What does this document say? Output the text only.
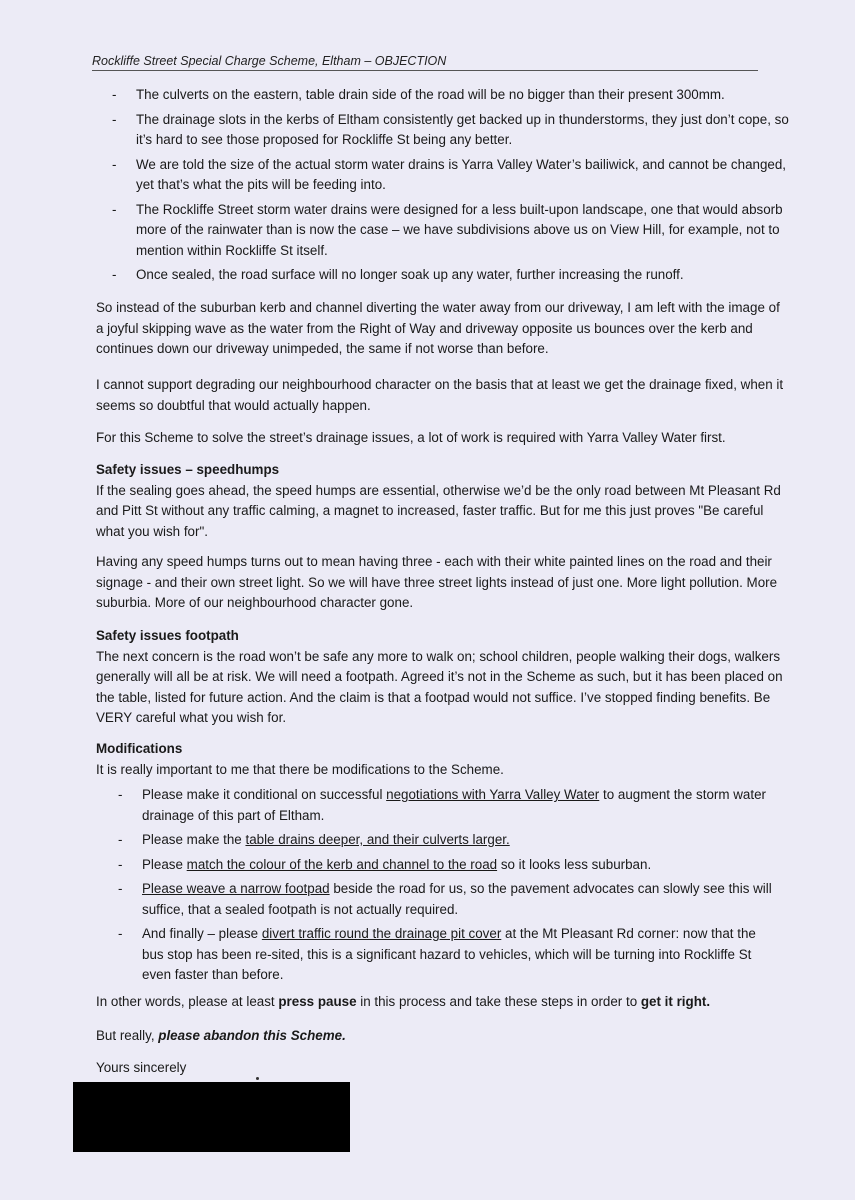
Rockliffe Street Special Charge Scheme, Eltham – OBJECTION
- The culverts on the eastern, table drain side of the road will be no bigger than their present 300mm.
- The drainage slots in the kerbs of Eltham consistently get backed up in thunderstorms, they just don’t cope, so it’s hard to see those proposed for Rockliffe St being any better.
- We are told the size of the actual storm water drains is Yarra Valley Water’s bailiwick, and cannot be changed, yet that’s what the pits will be feeding into.
- The Rockliffe Street storm water drains were designed for a less built-upon landscape, one that would absorb more of the rainwater than is now the case – we have subdivisions above us on View Hill, for example, not to mention within Rockliffe St itself.
- Once sealed, the road surface will no longer soak up any water, further increasing the runoff.
So instead of the suburban kerb and channel diverting the water away from our driveway, I am left with the image of a joyful skipping wave as the water from the Right of Way and driveway opposite us bounces over the kerb and continues down our driveway unimpeded, the same if not worse than before.
I cannot support degrading our neighbourhood character on the basis that at least we get the drainage fixed, when it seems so doubtful that would actually happen.
For this Scheme to solve the street’s drainage issues, a lot of work is required with Yarra Valley Water first.
Safety issues – speedhumps
If the sealing goes ahead, the speed humps are essential, otherwise we’d be the only road between Mt Pleasant Rd and Pitt St without any traffic calming, a magnet to increased, faster traffic. But for me this just proves "Be careful what you wish for".
Having any speed humps turns out to mean having three - each with their white painted lines on the road and their signage - and their own street light. So we will have three street lights instead of just one. More light pollution. More suburbia. More of our neighbourhood character gone.
Safety issues footpath
The next concern is the road won’t be safe any more to walk on; school children, people walking their dogs, walkers generally will all be at risk. We will need a footpath. Agreed it’s not in the Scheme as such, but it has been placed on the table, listed for future action. And the claim is that a footpad would not suffice. I’ve stopped finding benefits. Be VERY careful what you wish for.
Modifications
It is really important to me that there be modifications to the Scheme.
- Please make it conditional on successful negotiations with Yarra Valley Water to augment the storm water drainage of this part of Eltham.
- Please make the table drains deeper, and their culverts larger.
- Please match the colour of the kerb and channel to the road so it looks less suburban.
- Please weave a narrow footpad beside the road for us, so the pavement advocates can slowly see this will suffice, that a sealed footpath is not actually required.
- And finally – please divert traffic round the drainage pit cover at the Mt Pleasant Rd corner: now that the bus stop has been re-sited, this is a significant hazard to vehicles, which will be turning into Rockliffe St even faster than before.
In other words, please at least press pause in this process and take these steps in order to get it right.
But really, please abandon this Scheme.
Yours sincerely
